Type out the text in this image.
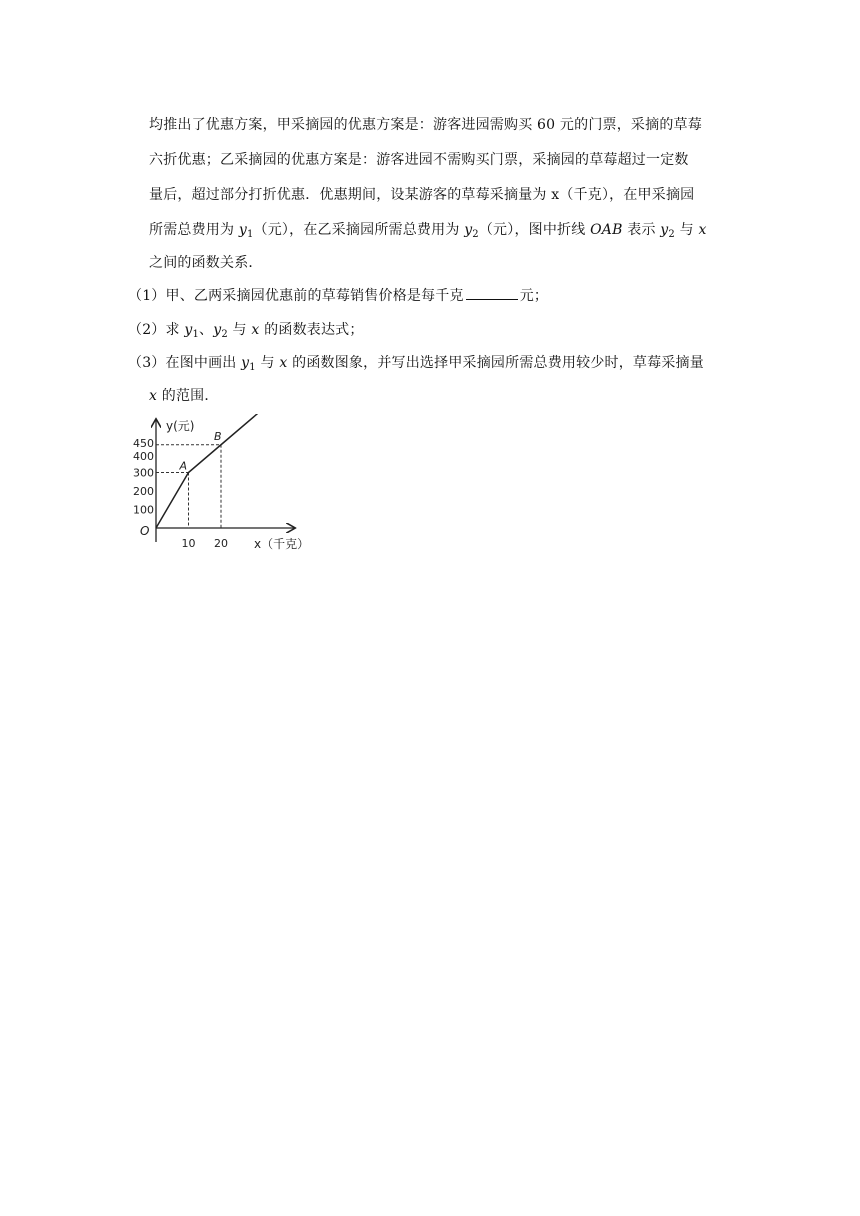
均推出了优惠方案，甲采摘园的优惠方案是：游客进园需购买 60 元的门票，采摘的草莓
六折优惠；乙采摘园的优惠方案是：游客进园不需购买门票，采摘园的草莓超过一定数
量后，超过部分打折优惠．优惠期间，设某游客的草莓采摘量为 x（千克），在甲采摘园
所需总费用为 $y_1$（元），在乙采摘园所需总费用为 $y_2$（元），图中折线 OAB 表示 $y_2$ 与 x
之间的函数关系．
（1）甲、乙两采摘园优惠前的草莓销售价格是每千克	元；
（2）求 $y_1$、$y_2$ 与 x 的函数表达式；
（3）在图中画出 $y_1$ 与 x 的函数图象，并写出选择甲采摘园所需总费用较少时，草莓采摘量
x 的范围．
A
B
O
100
200
300
400
450
10 20
y(元)
x（千克）
